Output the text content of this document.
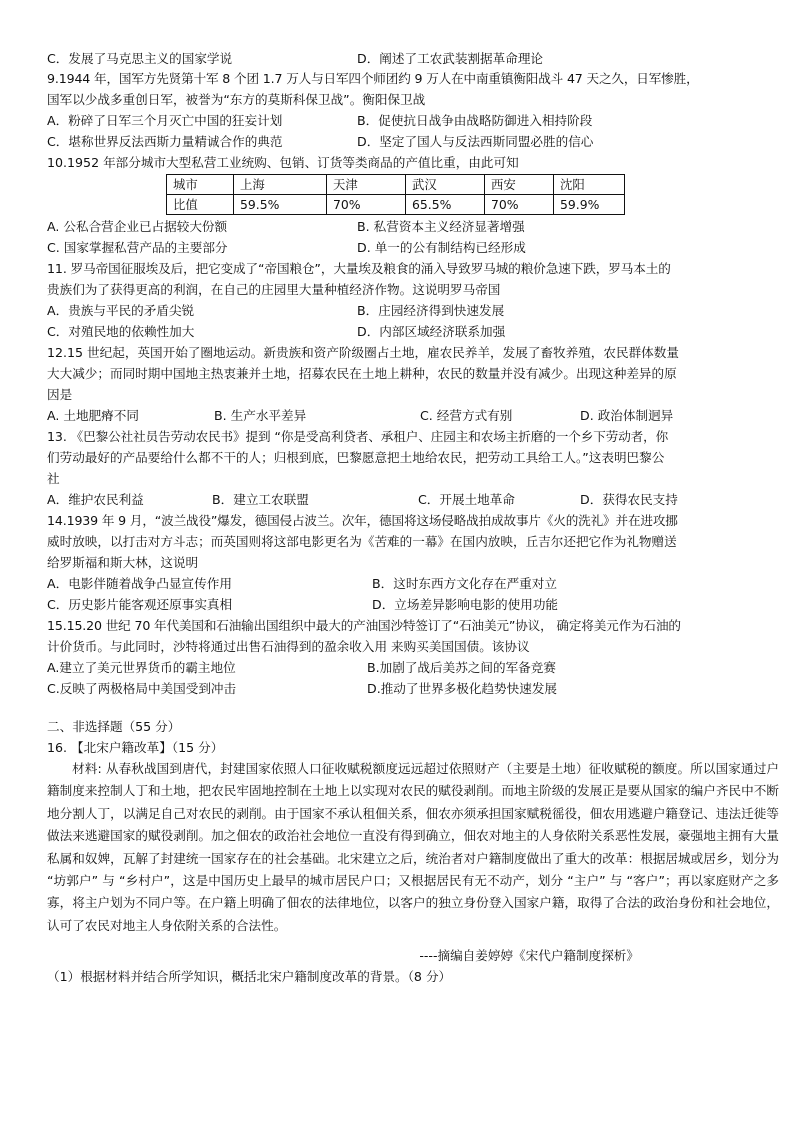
C．发展了马克思主义的国家学说	D．阐述了工农武装割据革命理论
9.1944 年，国军方先贤第十军 8 个团 1.7 万人与日军四个师团约 9 万人在中南重镇衡阳战斗 47 天之久，日军惨胜，
国军以少战多重创日军，被誉为“东方的莫斯科保卫战”。衡阳保卫战
A．粉碎了日军三个月灭亡中国的狂妄计划	B．促使抗日战争由战略防御进入相持阶段
C．堪称世界反法西斯力量精诚合作的典范	D．坚定了国人与反法西斯同盟必胜的信心
10.1952 年部分城市大型私营工业统购、包销、订货等类商品的产值比重，由此可知
城市	上海	天津	武汉	西安	沈阳
比值	59.5%	70%	65.5%	70%	59.9%
A. 公私合营企业已占据较大份额	B. 私营资本主义经济显著增强
C. 国家掌握私营产品的主要部分	D. 单一的公有制结构已经形成
11. 罗马帝国征服埃及后，把它变成了“帝国粮仓”，大量埃及粮食的涌入导致罗马城的粮价急速下跌，罗马本土的
贵族们为了获得更高的利润，在自己的庄园里大量种植经济作物。这说明罗马帝国
A．贵族与平民的矛盾尖锐	B．庄园经济得到快速发展
C．对殖民地的依赖性加大	D．内部区域经济联系加强
12.15 世纪起，英国开始了圈地运动。新贵族和资产阶级圈占土地，雇农民养羊，发展了畜牧养殖，农民群体数量
大大减少；而同时期中国地主热衷兼并土地，招募农民在土地上耕种，农民的数量并没有减少。出现这种差异的原
因是
A. 土地肥瘠不同	B. 生产水平差异	C. 经营方式有别	D. 政治体制迥异
13. 《巴黎公社社员告劳动农民书》提到 “你是受高利贷者、承租户、庄园主和农场主折磨的一个乡下劳动者，你
们劳动最好的产品要给什么都不干的人；归根到底，巴黎愿意把土地给农民，把劳动工具给工人。”这表明巴黎公
社
A．维护农民利益	B．建立工农联盟	C．开展土地革命	D．获得农民支持
14.1939 年 9 月，“波兰战役”爆发，德国侵占波兰。次年，德国将这场侵略战拍成故事片《火的洗礼》并在进攻挪
威时放映，以打击对方斗志；而英国则将这部电影更名为《苦难的一幕》在国内放映，丘吉尔还把它作为礼物赠送
给罗斯福和斯大林，这说明
A．电影伴随着战争凸显宣传作用	B．这时东西方文化存在严重对立
C．历史影片能客观还原事实真相	D．立场差异影响电影的使用功能
15.15.20 世纪 70 年代美国和石油输出国组织中最大的产油国沙特签订了“石油美元”协议， 确定将美元作为石油的
计价货币。与此同时，沙特将通过出售石油得到的盈余收入用 来购买美国国债。该协议
A.建立了美元世界货币的霸主地位	B.加剧了战后美苏之间的军备竞赛
C.反映了两极格局中美国受到冲击	D.推动了世界多极化趋势快速发展
二、非选择题（55 分）
16. 【北宋户籍改革】（15 分）
材料: 从春秋战国到唐代，封建国家依照人口征收赋税额度远远超过依照财产（主要是土地）征收赋税的额度。所以国家通过户籍制度来控制人丁和土地，把农民牢固地控制在土地上以实现对农民的赋役剥削。而地主阶级的发展正是要从国家的编户齐民中不断地分割人丁，以满足自己对农民的剥削。由于国家不承认租佃关系，佃农亦须承担国家赋税徭役，佃农用逃避户籍登记、违法迁徙等做法来逃避国家的赋役剥削。加之佃农的政治社会地位一直没有得到确立，佃农对地主的人身依附关系恶性发展，豪强地主拥有大量私属和奴婢，瓦解了封建统一国家存在的社会基础。北宋建立之后，统治者对户籍制度做出了重大的改革：根据居城或居乡，划分为 “坊郭户” 与 “乡村户”，这是中国历史上最早的城市居民户口；又根据居民有无不动产，划分 “主户” 与 “客户”；再以家庭财产之多寡，将主户划为不同户等。在户籍上明确了佃农的法律地位，以客户的独立身份登入国家户籍，取得了合法的政治身份和社会地位，认可了农民对地主人身依附关系的合法性。
----摘编自姜婷婷《宋代户籍制度探析》
（1）根据材料并结合所学知识，概括北宋户籍制度改革的背景。（8 分）
